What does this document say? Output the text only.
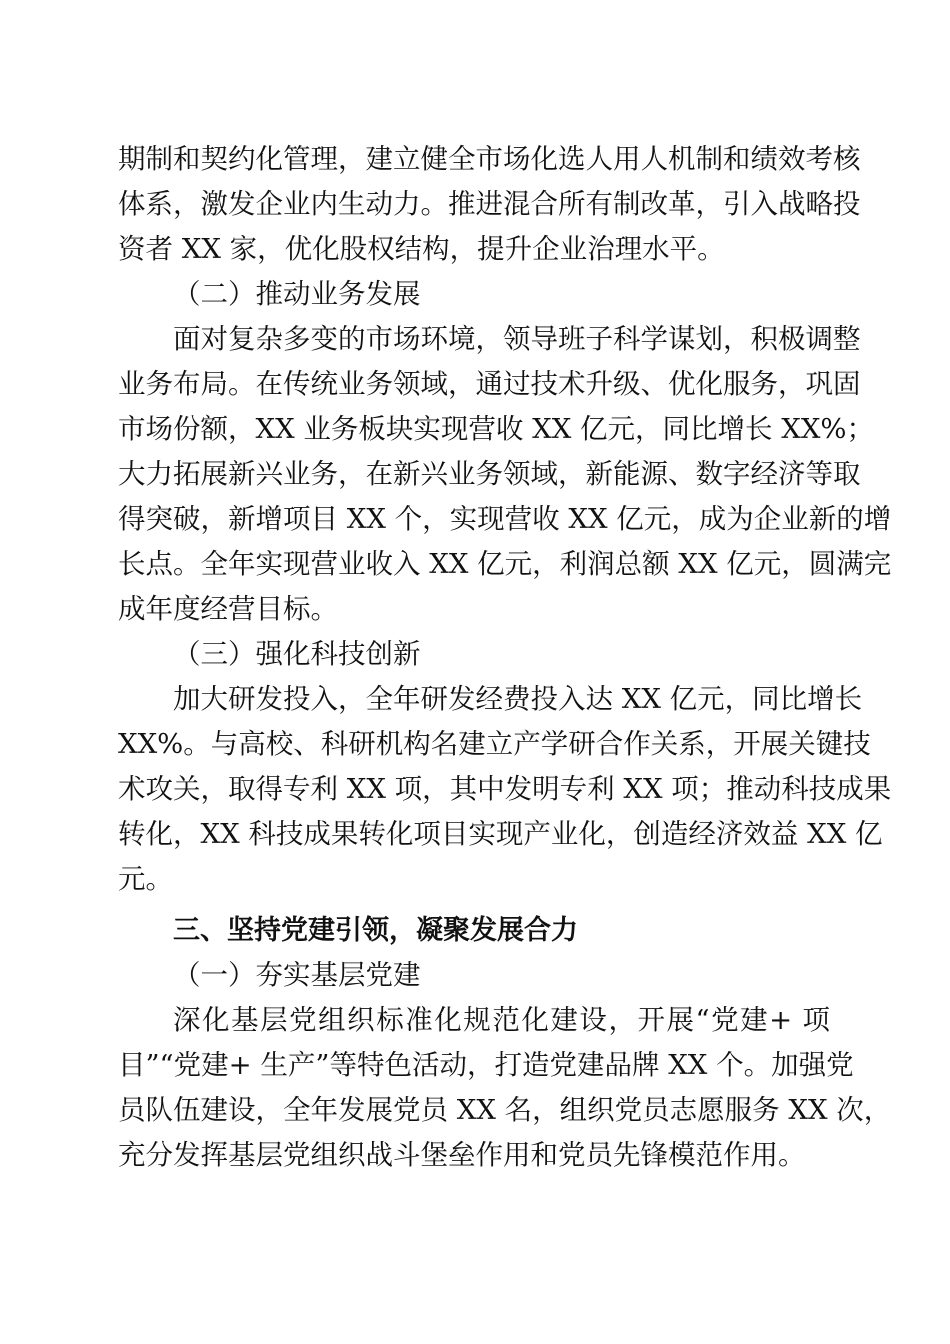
期制和契约化管理，建立健全市场化选人用人机制和绩效考核
体系，激发企业内生动力。推进混合所有制改革，引入战略投
资者 XX 家，优化股权结构，提升企业治理水平。
（二）推动业务发展
面对复杂多变的市场环境，领导班子科学谋划，积极调整
业务布局。在传统业务领域，通过技术升级、优化服务，巩固
市场份额，XX 业务板块实现营收 XX 亿元，同比增长 XX%；
大力拓展新兴业务，在新兴业务领域，新能源、数字经济等取
得突破，新增项目 XX 个，实现营收 XX 亿元，成为企业新的增
长点。全年实现营业收入 XX 亿元，利润总额 XX 亿元，圆满完
成年度经营目标。
（三）强化科技创新
加大研发投入，全年研发经费投入达 XX 亿元，同比增长
XX%。与高校、科研机构名建立产学研合作关系，开展关键技
术攻关，取得专利 XX 项，其中发明专利 XX 项；推动科技成果
转化，XX 科技成果转化项目实现产业化，创造经济效益 XX 亿
元。
三、坚持党建引领，凝聚发展合力
（一）夯实基层党建
深化基层党组织标准化规范化建设，开展“党建+ 项
目”“党建+ 生产”等特色活动，打造党建品牌 XX 个。加强党
员队伍建设，全年发展党员 XX 名，组织党员志愿服务 XX 次，
充分发挥基层党组织战斗堡垒作用和党员先锋模范作用。
